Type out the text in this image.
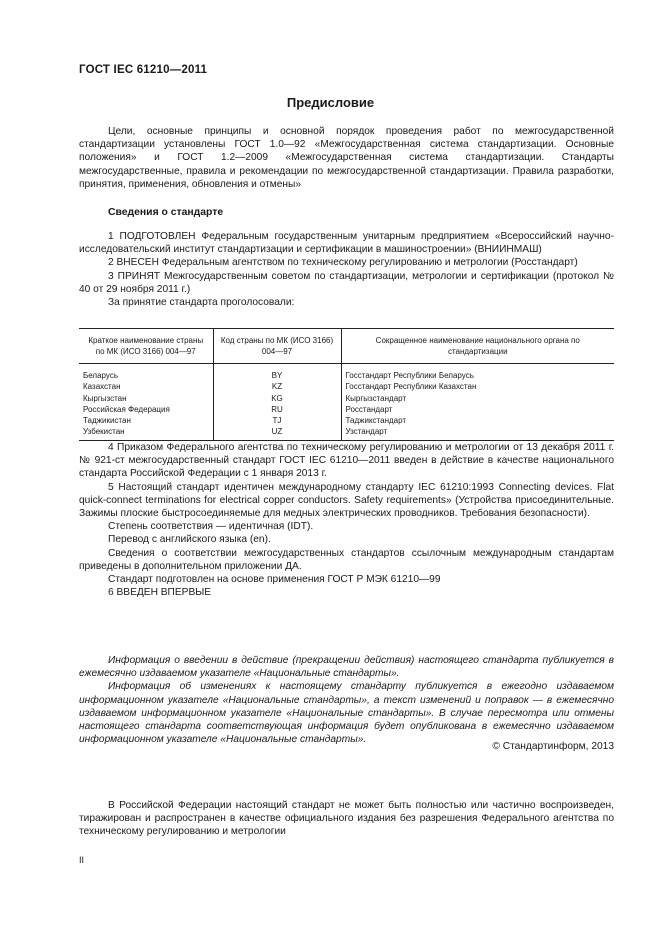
ГОСТ IEC 61210—2011
Предисловие

Цели, основные принципы и основной порядок проведения работ по межгосударственной стандартизации установлены ГОСТ 1.0—92 «Межгосударственная система стандартизации. Основные положения» и ГОСТ 1.2—2009 «Межгосударственная система стандартизации. Стандарты межгосударственные, правила и рекомендации по межгосударственной стандартизации. Правила разработки, принятия, применения, обновления и отмены»

Сведения о стандарте

1 ПОДГОТОВЛЕН Федеральным государственным унитарным предприятием «Всероссийский научно-исследовательский институт стандартизации и сертификации в машиностроении» (ВНИИНМАШ)

2 ВНЕСЕН Федеральным агентством по техническому регулированию и метрологии (Росстандарт)

3 ПРИНЯТ Межгосударственным советом по стандартизации, метрологии и сертификации (протокол № 40 от 29 ноября 2011 г.)

За принятие стандарта проголосовали:

Краткое наименование страны по МК (ИСО 3166) 004—97	Код страны по МК (ИСО 3166) 004—97	Сокращенное наименование национального органа по стандартизации
Беларусь	BY	Госстандарт Республики Беларусь
Казахстан	KZ	Госстандарт Республики Казахстан
Кыргызстан	KG	Кыргызстандарт
Российская Федерация	RU	Росстандарт
Таджикистан	TJ	Таджикстандарт
Узбекистан	UZ	Узстандарт

4 Приказом Федерального агентства по техническому регулированию и метрологии от 13 декабря 2011 г. № 921-ст межгосударственный стандарт ГОСТ IEC 61210—2011 введен в действие в качестве национального стандарта Российской Федерации с 1 января 2013 г.

5 Настоящий стандарт идентичен международному стандарту IEC 61210:1993 Connecting devices. Flat quick-connect terminations for electrical copper conductors. Safety requirements» (Устройства присоединительные. Зажимы плоские быстросоединяемые для медных электрических проводников. Требования безопасности).

Степень соответствия — идентичная (IDT).

Перевод с английского языка (en).

Сведения о соответствии межгосударственных стандартов ссылочным международным стандартам приведены в дополнительном приложении ДА.

Стандарт подготовлен на основе применения ГОСТ Р МЭК 61210—99

6 ВВЕДЕН ВПЕРВЫЕ

Информация о введении в действие (прекращении действия) настоящего стандарта публикуется в ежемесячно издаваемом указателе «Национальные стандарты».

Информация об изменениях к настоящему стандарту публикуется в ежегодно издаваемом информационном указателе «Национальные стандарты», а текст изменений и поправок — в ежемесячно издаваемом информационном указателе «Национальные стандарты». В случае пересмотра или отмены настоящего стандарта соответствующая информация будет опубликована в ежемесячно издаваемом информационном указателе «Национальные стандарты».

© Стандартинформ, 2013

В Российской Федерации настоящий стандарт не может быть полностью или частично воспроизведен, тиражирован и распространен в качестве официального издания без разрешения Федерального агентства по техническому регулированию и метрологии

II
